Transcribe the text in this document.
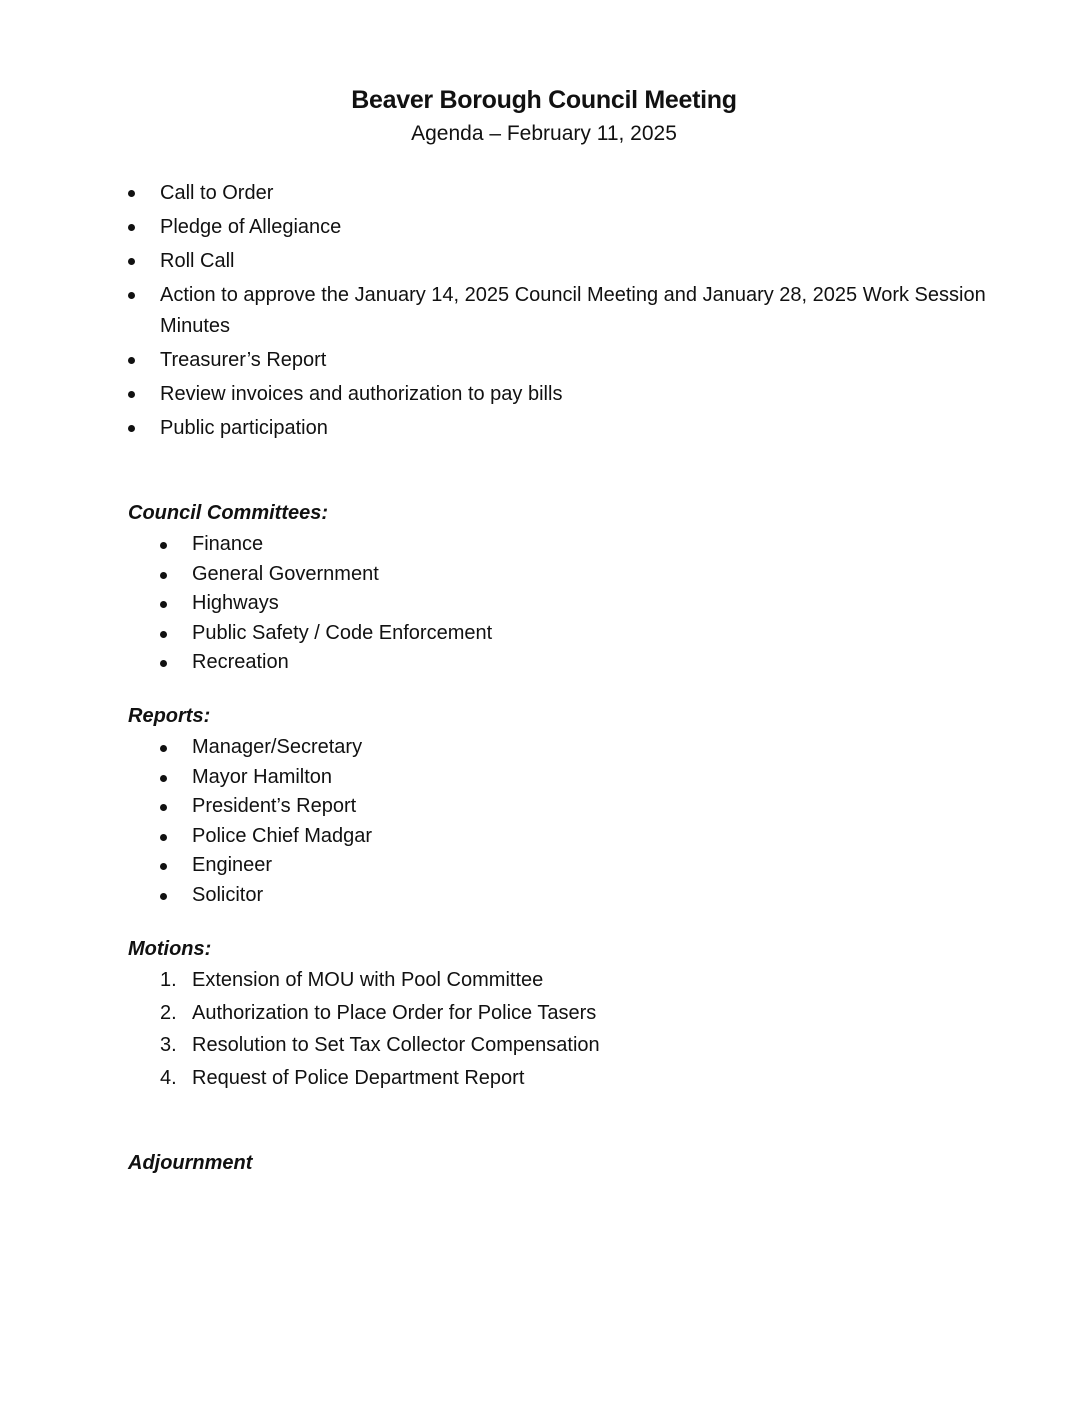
Beaver Borough Council Meeting
Agenda – February 11, 2025
Call to Order
Pledge of Allegiance
Roll Call
Action to approve the January 14, 2025 Council Meeting and January 28, 2025 Work Session Minutes
Treasurer’s Report
Review invoices and authorization to pay bills
Public participation
Council Committees:
Finance
General Government
Highways
Public Safety / Code Enforcement
Recreation
Reports:
Manager/Secretary
Mayor Hamilton
President’s Report
Police Chief Madgar
Engineer
Solicitor
Motions:
1. Extension of MOU with Pool Committee
2. Authorization to Place Order for Police Tasers
3. Resolution to Set Tax Collector Compensation
4. Request of Police Department Report
Adjournment
